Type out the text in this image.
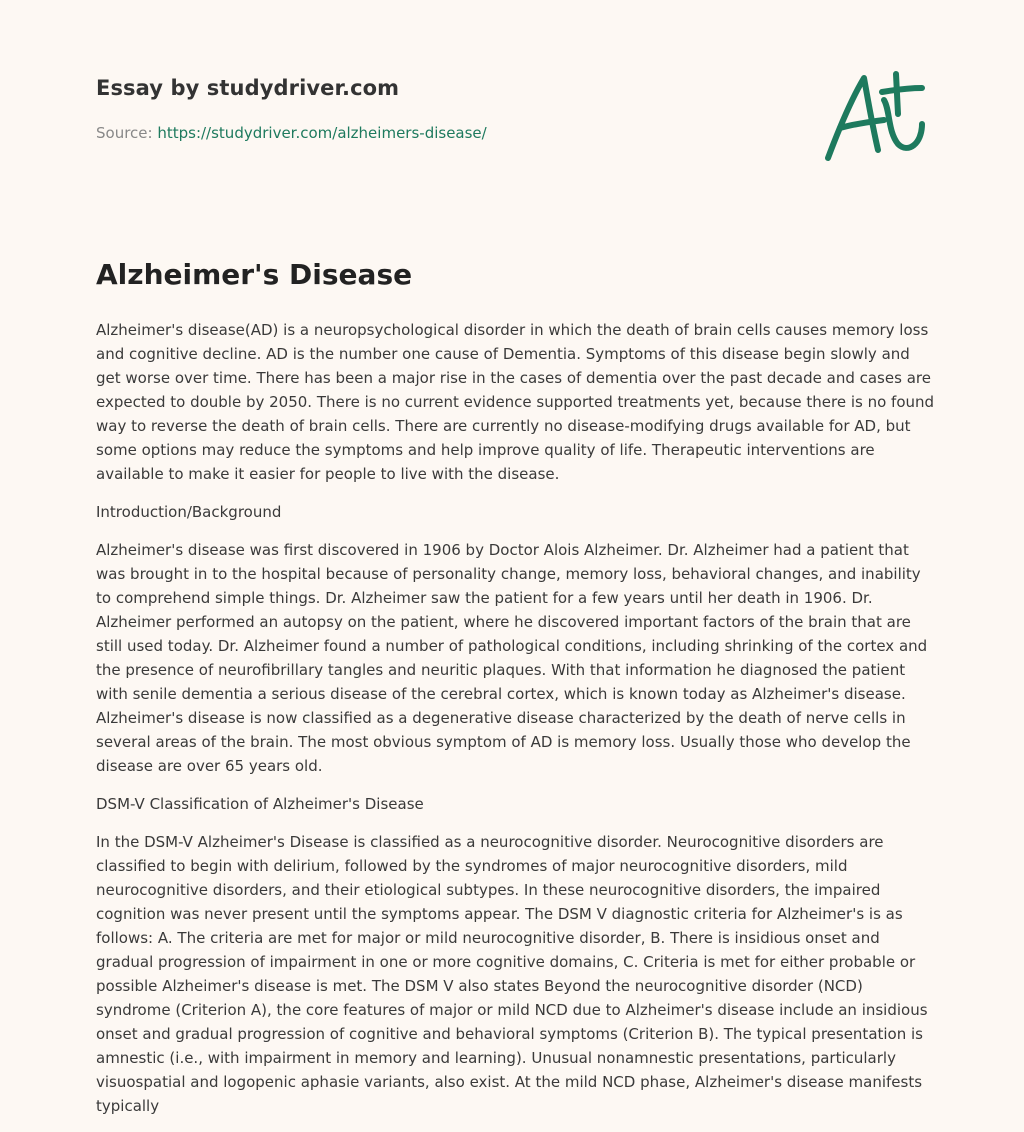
Essay by studydriver.com
Source: https://studydriver.com/alzheimers-disease/
Alzheimer's Disease

Alzheimer's disease(AD) is a neuropsychological disorder in which the death of brain cells causes memory loss and cognitive decline. AD is the number one cause of Dementia. Symptoms of this disease begin slowly and get worse over time. There has been a major rise in the cases of dementia over the past decade and cases are expected to double by 2050. There is no current evidence supported treatments yet, because there is no found way to reverse the death of brain cells. There are currently no disease-modifying drugs available for AD, but some options may reduce the symptoms and help improve quality of life. Therapeutic interventions are available to make it easier for people to live with the disease.

Introduction/Background

Alzheimer's disease was first discovered in 1906 by Doctor Alois Alzheimer. Dr. Alzheimer had a patient that was brought in to the hospital because of personality change, memory loss, behavioral changes, and inability to comprehend simple things. Dr. Alzheimer saw the patient for a few years until her death in 1906. Dr. Alzheimer performed an autopsy on the patient, where he discovered important factors of the brain that are still used today. Dr. Alzheimer found a number of pathological conditions, including shrinking of the cortex and the presence of neurofibrillary tangles and neuritic plaques. With that information he diagnosed the patient with senile dementia a serious disease of the cerebral cortex, which is known today as Alzheimer's disease. Alzheimer's disease is now classified as a degenerative disease characterized by the death of nerve cells in several areas of the brain. The most obvious symptom of AD is memory loss. Usually those who develop the disease are over 65 years old.

DSM-V Classification of Alzheimer's Disease

In the DSM-V Alzheimer's Disease is classified as a neurocognitive disorder. Neurocognitive disorders are classified to begin with delirium, followed by the syndromes of major neurocognitive disorders, mild neurocognitive disorders, and their etiological subtypes. In these neurocognitive disorders, the impaired cognition was never present until the symptoms appear. The DSM V diagnostic criteria for Alzheimer's is as follows: A. The criteria are met for major or mild neurocognitive disorder, B. There is insidious onset and gradual progression of impairment in one or more cognitive domains, C. Criteria is met for either probable or possible Alzheimer's disease is met. The DSM V also states Beyond the neurocognitive disorder (NCD) syndrome (Criterion A), the core features of major or mild NCD due to Alzheimer's disease include an insidious onset and gradual progression of cognitive and behavioral symptoms (Criterion B). The typical presentation is amnestic (i.e., with impairment in memory and learning). Unusual nonamnestic presentations, particularly visuospatial and logopenic aphasie variants, also exist. At the mild NCD phase, Alzheimer's disease manifests typically
